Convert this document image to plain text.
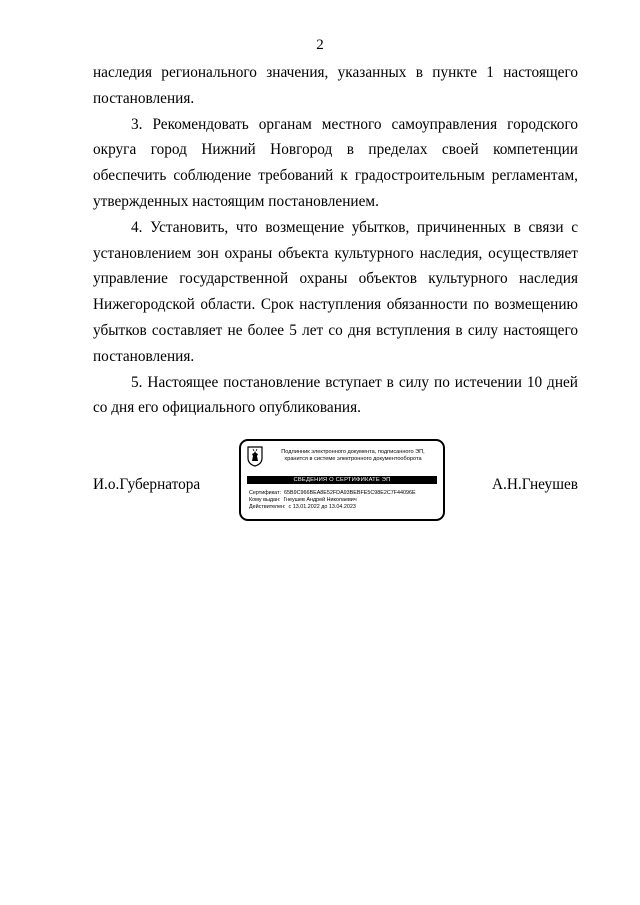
2

наследия регионального значения, указанных в пункте 1 настоящего постановления.

3. Рекомендовать органам местного самоуправления городского округа город Нижний Новгород в пределах своей компетенции обеспечить соблюдение требований к градостроительным регламентам, утвержденных настоящим постановлением.

4. Установить, что возмещение убытков, причиненных в связи с установлением зон охраны объекта культурного наследия, осуществляет управление государственной охраны объектов культурного наследия Нижегородской области. Срок наступления обязанности по возмещению убытков составляет не более 5 лет со дня вступления в силу настоящего постановления.

5. Настоящее постановление вступает в силу по истечении 10 дней со дня его официального опубликования.

И.о.Губернатора	А.Н.Гнеушев
Подлинник электронного документа, подписанного ЭП,
хранится в системе электронного документооборота
СВЕДЕНИЯ О СЕРТИФИКАТЕ ЭП
Сертификат: 65B9C966BEA8E52FDA93BEBFE5C98E2C7F44096E
Кому выдан: Гнеушев Андрей Николаевич
Действителен: с 13.01.2022 до 13.04.2023
